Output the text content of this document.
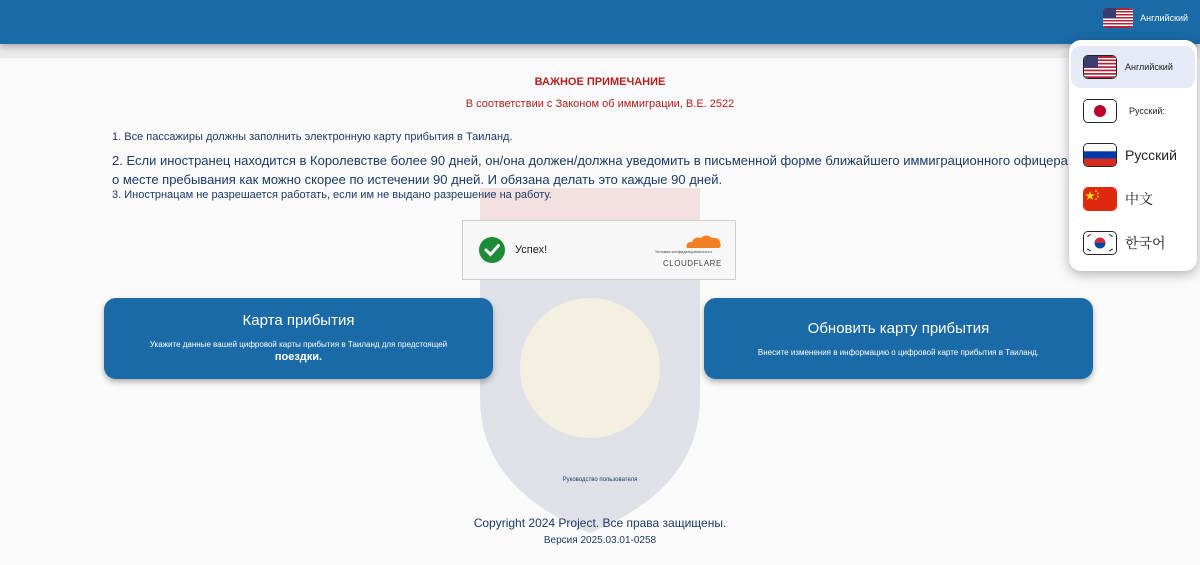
Английский
ВАЖНОЕ ПРИМЕЧАНИЕ
В соответствии с Законом об иммиграции, B.E. 2522
1. Все пассажиры должны заполнить электронную карту прибытия в Таиланд.
2. Если иностранец находится в Королевстве более 90 дней, он/она должен/должна уведомить в письменной форме ближайшего иммиграционного офицера о месте пребывания как можно скорее по истечении 90 дней. И обязана делать это каждые 90 дней.
3. Инострнацам не разрешается работать, если им не выдано разрешение на работу.
Успех!	Условия конфиденциальности
CLOUDFLARE
Карта прибытия
Укажите данные вашей цифровой карты прибытия в Таиланд для предстоящей
поездки.
Обновить карту прибытия
Внесите изменения в информацию о цифровой карте прибытия в Таиланд.
Руководство пользователя
Copyright 2024 Project. Все права защищены.
Версия 2025.03.01-0258
Английский
Русский:
Русский
中文
한국어
